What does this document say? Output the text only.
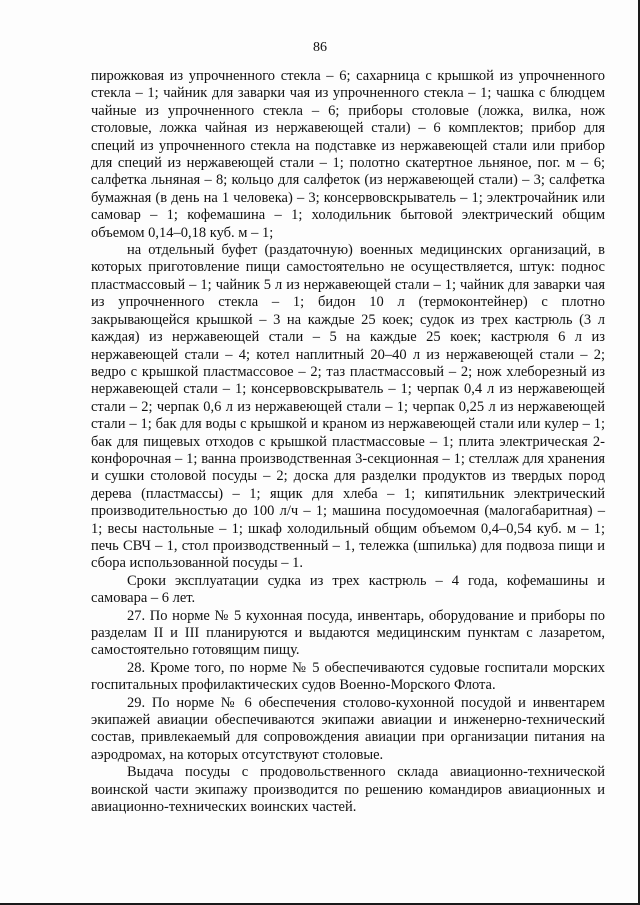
86

пирожковая из упрочненного стекла – 6; сахарница с крышкой из упрочненного стекла – 1; чайник для заварки чая из упрочненного стекла – 1; чашка с блюдцем чайные из упрочненного стекла – 6; приборы столовые (ложка, вилка, нож столовые, ложка чайная из нержавеющей стали) – 6 комплектов; прибор для специй из упрочненного стекла на подставке из нержавеющей стали или прибор для специй из нержавеющей стали – 1; полотно скатертное льняное, пог. м – 6; салфетка льняная – 8; кольцо для салфеток (из нержавеющей стали) – 3; салфетка бумажная (в день на 1 человека) – 3; консервовскрыватель – 1; электрочайник или самовар – 1; кофемашина – 1; холодильник бытовой электрический общим объемом 0,14–0,18 куб. м – 1;

на отдельный буфет (раздаточную) военных медицинских организаций, в которых приготовление пищи самостоятельно не осуществляется, штук: поднос пластмассовый – 1; чайник 5 л из нержавеющей стали – 1; чайник для заварки чая из упрочненного стекла – 1; бидон 10 л (термоконтейнер) с плотно закрывающейся крышкой – 3 на каждые 25 коек; судок из трех кастрюль (3 л каждая) из нержавеющей стали – 5 на каждые 25 коек; кастрюля 6 л из нержавеющей стали – 4; котел наплитный 20–40 л из нержавеющей стали – 2; ведро с крышкой пластмассовое – 2; таз пластмассовый – 2; нож хлеборезный из нержавеющей стали – 1; консервовскрыватель – 1; черпак 0,4 л из нержавеющей стали – 2; черпак 0,6 л из нержавеющей стали – 1; черпак 0,25 л из нержавеющей стали – 1; бак для воды с крышкой и краном из нержавеющей стали или кулер – 1; бак для пищевых отходов с крышкой пластмассовые – 1; плита электрическая 2-конфорочная – 1; ванна производственная 3-секционная – 1; стеллаж для хранения и сушки столовой посуды – 2; доска для разделки продуктов из твердых пород дерева (пластмассы) – 1; ящик для хлеба – 1; кипятильник электрический производительностью до 100 л/ч – 1; машина посудомоечная (малогабаритная) – 1; весы настольные – 1; шкаф холодильный общим объемом 0,4–0,54 куб. м – 1; печь СВЧ – 1, стол производственный – 1, тележка (шпилька) для подвоза пищи и сбора использованной посуды – 1.

Сроки эксплуатации судка из трех кастрюль – 4 года, кофемашины и самовара – 6 лет.

27. По норме № 5 кухонная посуда, инвентарь, оборудование и приборы по разделам II и III планируются и выдаются медицинским пунктам с лазаретом, самостоятельно готовящим пищу.

28. Кроме того, по норме № 5 обеспечиваются судовые госпитали морских госпитальных профилактических судов Военно-Морского Флота.

29. По норме № 6 обеспечения столово-кухонной посудой и инвентарем экипажей авиации обеспечиваются экипажи авиации и инженерно-технический состав, привлекаемый для сопровождения авиации при организации питания на аэродромах, на которых отсутствуют столовые.

Выдача посуды с продовольственного склада авиационно-технической воинской части экипажу производится по решению командиров авиационных и авиационно-технических воинских частей.
